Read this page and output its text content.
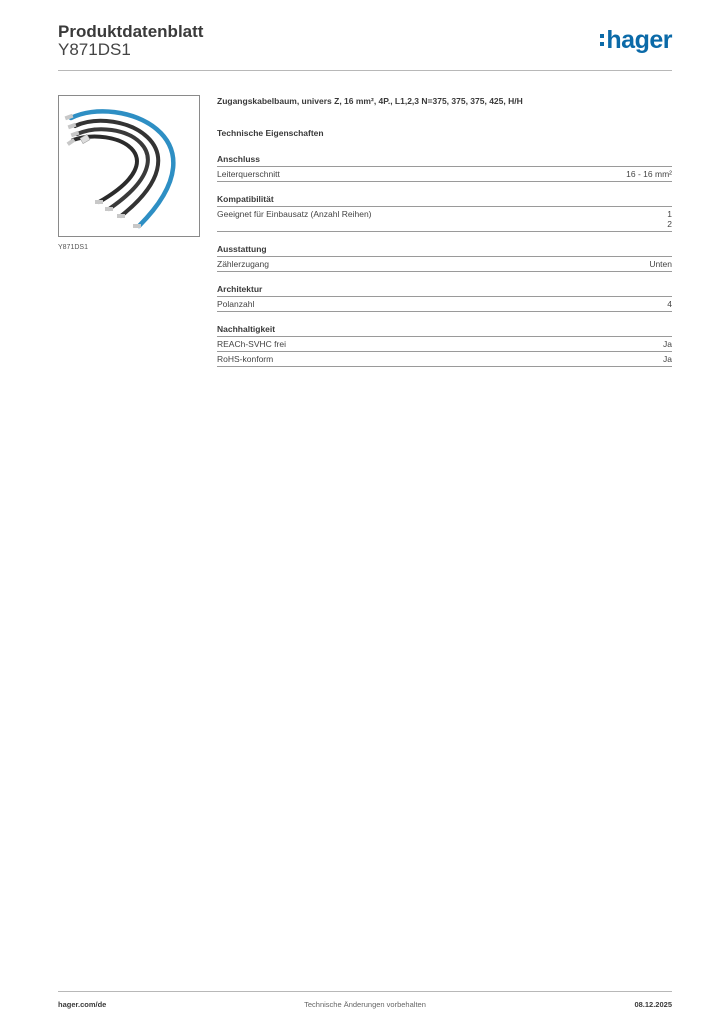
Produktdatenblatt
Y871DS1	hager
Y871DS1
Zugangskabelbaum, univers Z, 16 mm², 4P., L1,2,3 N=375, 375, 375, 425, H/H
Technische Eigenschaften
Anschluss
Leiterquerschnitt	16 - 16 mm²
Kompatibilität
Geeignet für Einbausatz (Anzahl Reihen)	1
2
Ausstattung
Zählerzugang	Unten
Architektur
Polanzahl	4
Nachhaltigkeit
REACh-SVHC frei	Ja
RoHS-konform	Ja
hager.com/de	Technische Änderungen vorbehalten	08.12.2025
